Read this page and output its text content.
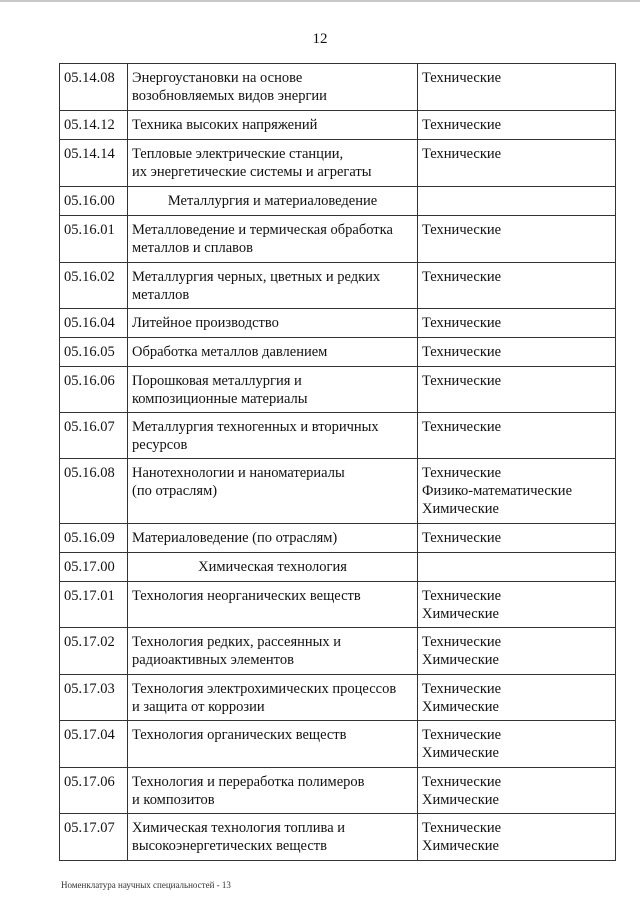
12
05.14.08	Энергоустановки на основе
возобновляемых видов энергии	Технические
05.14.12	Техника высоких напряжений	Технические
05.14.14	Тепловые электрические станции,
их энергетические системы и агрегаты	Технические
05.16.00	Металлургия и материаловедение	
05.16.01	Металловедение и термическая обработка
металлов и сплавов	Технические
05.16.02	Металлургия черных, цветных и редких
металлов	Технические
05.16.04	Литейное производство	Технические
05.16.05	Обработка металлов давлением	Технические
05.16.06	Порошковая металлургия и
композиционные материалы	Технические
05.16.07	Металлургия техногенных и вторичных
ресурсов	Технические
05.16.08	Нанотехнологии и наноматериалы
(по отраслям)	Технические
Физико-математические
Химические
05.16.09	Материаловедение (по отраслям)	Технические
05.17.00	Химическая технология	
05.17.01	Технология неорганических веществ	Технические
Химические
05.17.02	Технология редких, рассеянных и
радиоактивных элементов	Технические
Химические
05.17.03	Технология электрохимических процессов
и защита от коррозии	Технические
Химические
05.17.04	Технология органических веществ	Технические
Химические
05.17.06	Технология и переработка полимеров
и композитов	Технические
Химические
05.17.07	Химическая технология топлива и
высокоэнергетических веществ	Технические
Химические
Номенклатура научных специальностей - 13
